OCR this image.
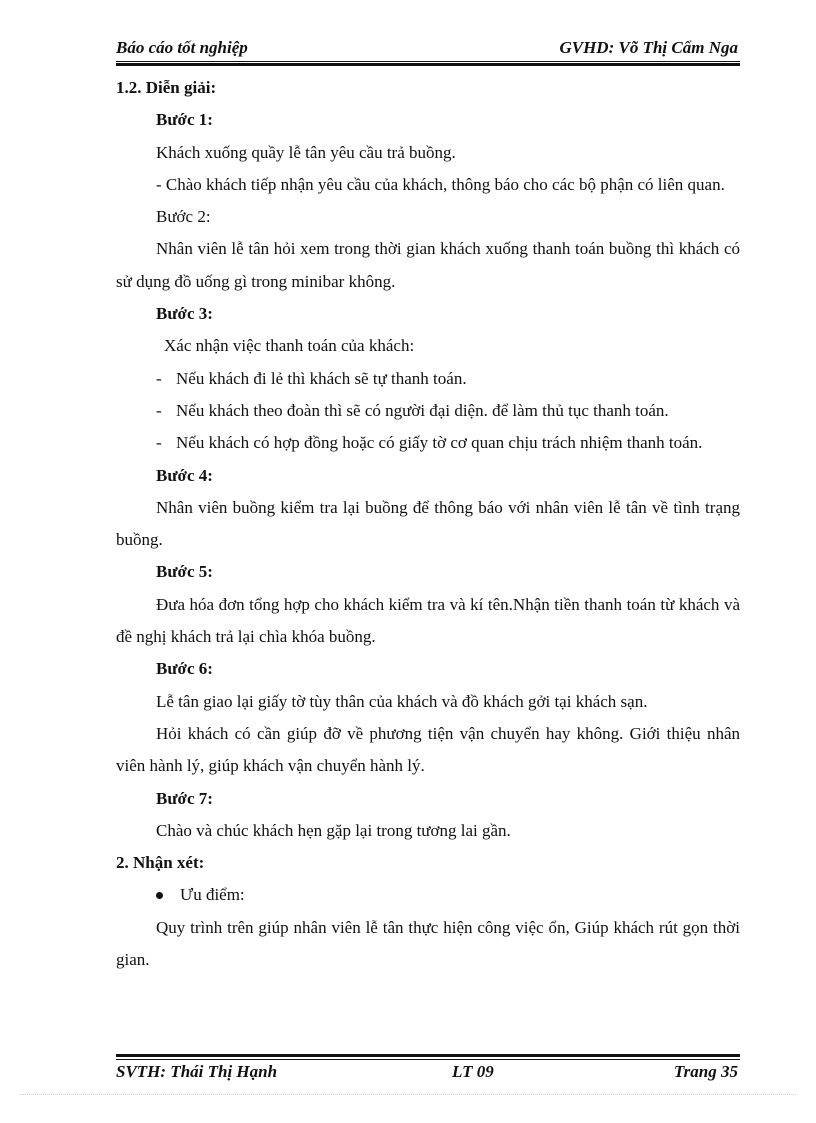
Báo cáo tốt nghiệp	GVHD: Võ Thị Cẩm Nga

1.2. Diễn giải:

Bước 1:

Khách xuống quầy lễ tân yêu cầu trả buồng.

- Chào khách tiếp nhận yêu cầu của khách, thông báo cho các bộ phận có liên quan.

Bước 2:

Nhân viên lễ tân hỏi xem trong thời gian khách xuống thanh toán buồng thì khách có sử dụng đồ uống gì trong minibar không.

Bước 3:

Xác nhận việc thanh toán của khách:

- Nếu khách đi lẻ thì khách sẽ tự thanh toán.

- Nếu khách theo đoàn thì sẽ có người đại diện. để làm thủ tục thanh toán.

- Nếu khách có hợp đồng hoặc có giấy tờ cơ quan chịu trách nhiệm thanh toán.

Bước 4:

Nhân viên buồng kiểm tra lại buồng để thông báo với nhân viên lễ tân về tình trạng buồng.

Bước 5:

Đưa hóa đơn tổng hợp cho khách kiểm tra và kí tên.Nhận tiền thanh toán từ khách và đề nghị khách trả lại chìa khóa buồng.

Bước 6:

Lễ tân giao lại giấy tờ tùy thân của khách và đồ khách gởi tại khách sạn.

Hỏi khách có cần giúp đỡ về phương tiện vận chuyển hay không. Giới thiệu nhân viên hành lý, giúp khách vận chuyển hành lý.

Bước 7:

Chào và chúc khách hẹn gặp lại trong tương lai gần.

2. Nhận xét:

Ưu điểm:

Quy trình trên giúp nhân viên lễ tân thực hiện công việc ổn, Giúp khách rút gọn thời gian.

SVTH: Thái Thị Hạnh	LT 09	Trang 35
